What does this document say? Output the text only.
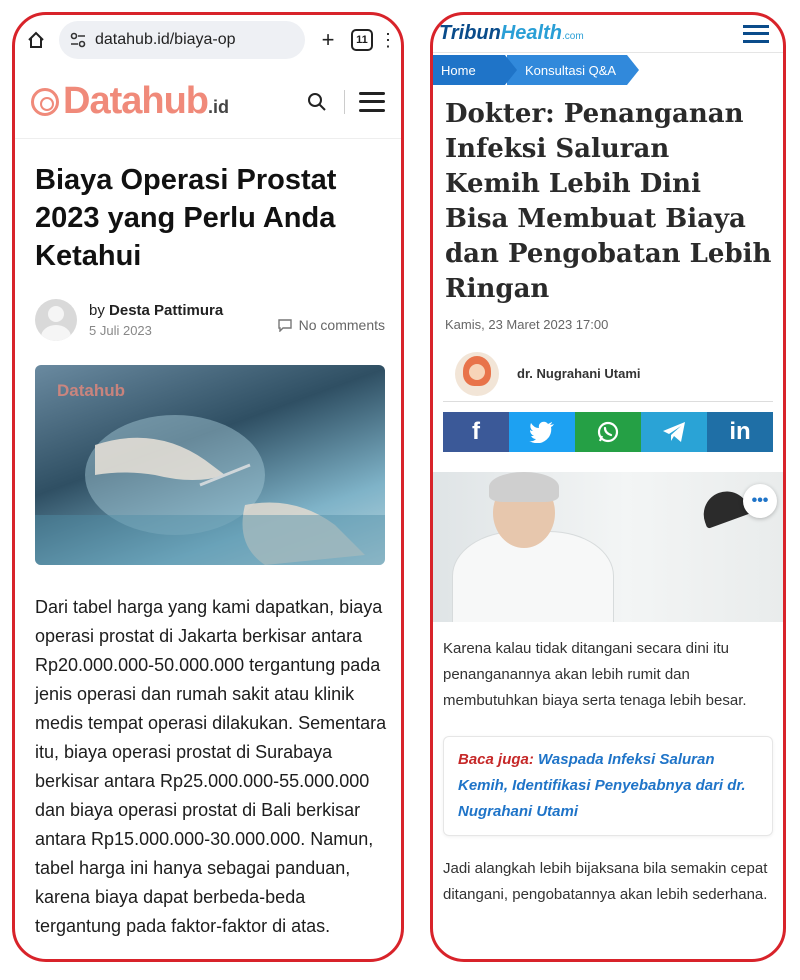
datahub.id/biaya-op	+	11 ⋮
Datahub .id
Biaya Operasi Prostat 2023 yang Perlu Anda Ketahui
by Desta Pattimura
5 Juli 2023	No comments
Datahub

Dari tabel harga yang kami dapatkan, biaya operasi prostat di Jakarta berkisar antara Rp20.000.000-50.000.000 tergantung pada jenis operasi dan rumah sakit atau klinik medis tempat operasi dilakukan. Sementara itu, biaya operasi prostat di Surabaya berkisar antara Rp25.000.000-55.000.000 dan biaya operasi prostat di Bali berkisar antara Rp15.000.000-30.000.000. Namun, tabel harga ini hanya sebagai panduan, karena biaya dapat berbeda-beda tergantung pada faktor-faktor di atas.

TribunHealth.com
Home	Konsultasi Q&A
Dokter: Penanganan Infeksi Saluran Kemih Lebih Dini Bisa Membuat Biaya dan Pengobatan Lebih Ringan
Kamis, 23 Maret 2023 17:00
dr. Nugrahani Utami
f	in
•••

Karena kalau tidak ditangani secara dini itu penanganannya akan lebih rumit dan membutuhkan biaya serta tenaga lebih besar.

Baca juga: Waspada Infeksi Saluran Kemih, Identifikasi Penyebabnya dari dr. Nugrahani Utami

Jadi alangkah lebih bijaksana bila semakin cepat ditangani, pengobatannya akan lebih sederhana.
